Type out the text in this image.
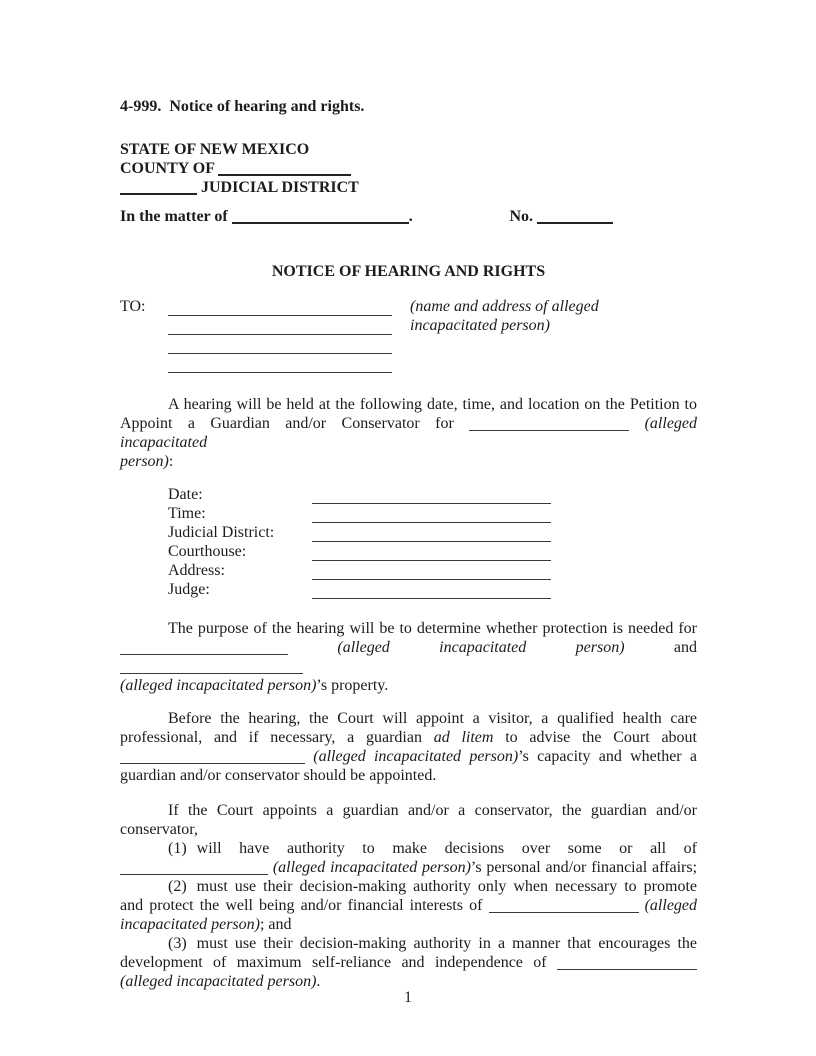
4-999.  Notice of hearing and rights.
STATE OF NEW MEXICO
COUNTY OF
JUDICIAL DISTRICT
In the matter of	.	No.
NOTICE OF HEARING AND RIGHTS
TO:	(name and address of alleged
incapacitated person)
A hearing will be held at the following date, time, and location on the Petition to
Appoint a Guardian and/or Conservator for	(alleged incapacitated
person):
Date:
Time:
Judicial District:
Courthouse:
Address:
Judge:
The purpose of the hearing will be to determine whether protection is needed for
(alleged incapacitated person) and
(alleged incapacitated person)’s property.
Before the hearing, the Court will appoint a visitor, a qualified health care
professional, and if necessary, a guardian ad litem to advise the Court about
(alleged incapacitated person)’s capacity and whether a
guardian and/or conservator should be appointed.
If the Court appoints a guardian and/or a conservator, the guardian and/or
conservator,
(1) will have authority to make decisions over some or all of
(alleged incapacitated person)’s personal and/or financial affairs;
(2) must use their decision-making authority only when necessary to promote
and protect the well being and/or financial interests of	(alleged
incapacitated person); and
(3) must use their decision-making authority in a manner that encourages the
development of maximum self-reliance and independence of
(alleged incapacitated person).
1
